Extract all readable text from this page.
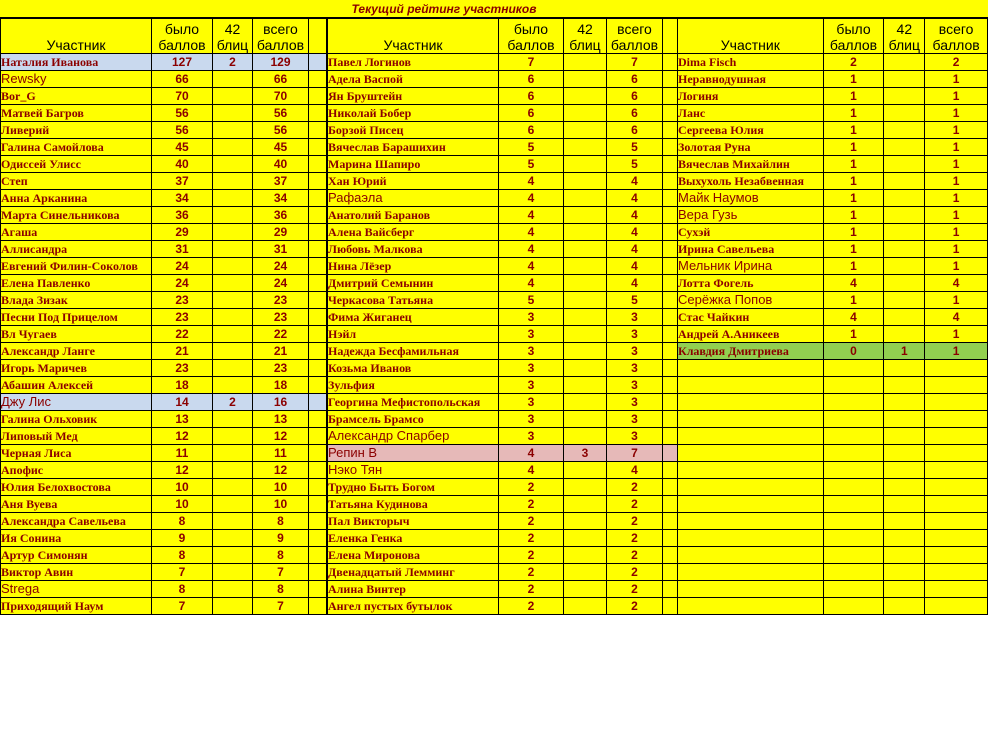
Текущий рейтинг участников
Участник	было баллов	42 блиц	всего баллов	
Наталия Иванова	127	2	129	
Rewsky	66		66	
Bor_G	70		70	
Матвей Багров	56		56	
Ливерий	56		56	
Галина Самойлова	45		45	
Одиссей Улисс	40		40	
Степ	37		37	
Анна Арканина	34		34	
Марта Синельникова	36		36	
Агаша	29		29	
Аллисандра	31		31	
Евгений Филин-Соколов	24		24	
Елена Павленко	24		24	
Влада Зизак	23		23	
Песни Под Прицелом	23		23	
Вл Чугаев	22		22	
Александр Ланге	21		21	
Игорь Маричев	23		23	
Абашин Алексей	18		18	
Джу Лис	14	2	16	
Галина Ольховик	13		13	
Липовый Мед	12		12	
Черная Лиса	11		11	
Апофис	12		12	
Юлия Белохвостова	10		10	
Аня Вуева	10		10	
Александра Савельева	8		8	
Ия Сонина	9		9	
Артур Симонян	8		8	
Виктор Авин	7		7	
Strega	8		8	
Приходящий Наум	7		7	
Участник	было баллов	42 блиц	всего баллов	
Павел Логинов	7		7	
Адела Васпой	6		6	
Ян Бруштейн	6		6	
Николай Бобер	6		6	
Борзой Писец	6		6	
Вячеслав Барашихин	5		5	
Марина Шапиро	5		5	
Хан Юрий	4		4	
Рафаэла	4		4	
Анатолий Баранов	4		4	
Алена Вайсберг	4		4	
Любовь Малкова	4		4	
Нина Лёзер	4		4	
Дмитрий Семынин	4		4	
Черкасова Татьяна	5		5	
Фима Жиганец	3		3	
Нэйл	3		3	
Надежда Бесфамильная	3		3	
Козьма Иванов	3		3	
Зульфия	3		3	
Георгина Мефистопольская	3		3	
Брамсель Брамсо	3		3	
Александр Спарбер	3		3	
Репин В	4	3	7	
Нэко Тян	4		4	
Трудно Быть Богом	2		2	
Татьяна Кудинова	2		2	
Пал Викторыч	2		2	
Еленка Генка	2		2	
Елена Миронова	2		2	
Двенадцатый Лемминг	2		2	
Алина Винтер	2		2	
Ангел пустых бутылок	2		2	
Участник	было баллов	42 блиц	всего баллов
Dima Fisch	2		2
Неравнодушная	1		1
Логиня	1		1
Ланс	1		1
Сергеева Юлия	1		1
Золотая Руна	1		1
Вячеслав Михайлин	1		1
Выхухоль Незабвенная	1		1
Майк Наумов	1		1
Вера Гузь	1		1
Сухэй	1		1
Ирина Савельева	1		1
Мельник Ирина	1		1
Лотта Фогель	4		4
Серёжка Попов	1		1
Стас Чайкин	4		4
Андрей А.Аникеев	1		1
Клавдия Дмитриева	0	1	1
